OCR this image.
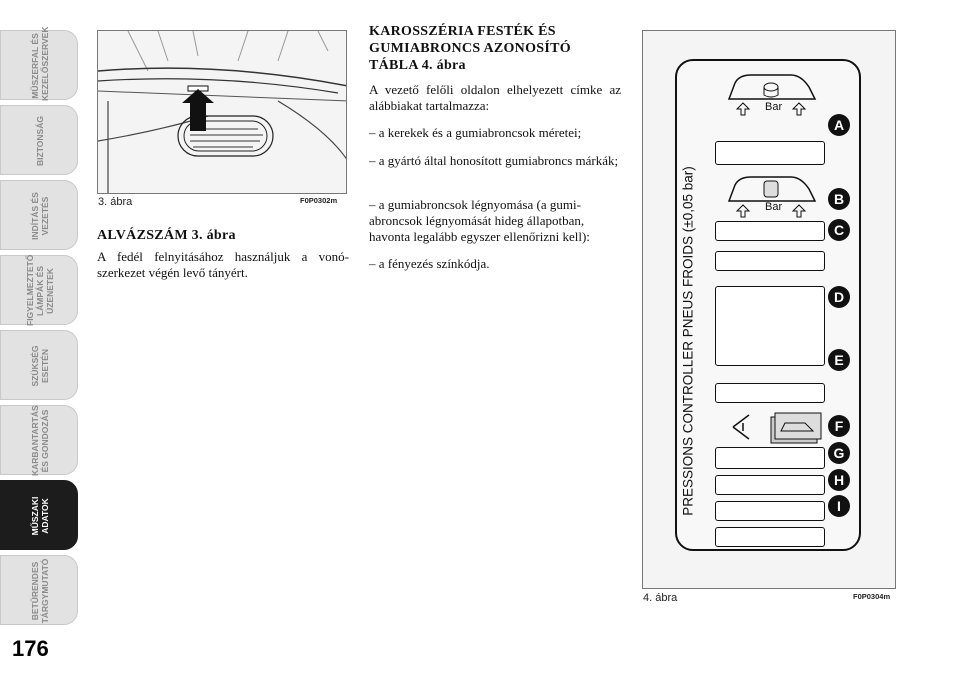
MŰSZERFAL ÉS
KEZELŐSZERVEK
BIZTONSÁG
INDÍTÁS ÉS
VEZETÉS
FIGYELMEZTETŐ
LÁMPÁK ÉS
ÜZENETEK
SZÜKSÉG
ESETÉN
KARBANTARTÁS
ÉS GONDOZÁS
MŰSZAKI
ADATOK
BETŰRENDES
TÁRGYMUTATÓ
176
3. ábra	F0P0302m
ALVÁZSZÁM 3. ábra
A fedél felnyitásához használjuk a vonó-szerkezet végén levő tányért.
KAROSSZÉRIA FESTÉK ÉS
GUMIABRONCS AZONOSÍTÓ
TÁBLA 4. ábra
A vezető felőli oldalon elhelyezett címke az alábbiakat tartalmazza:
– a kerekek és a gumiabroncsok méretei;
– a gyártó által honosított gumiabroncs márkák;
– a gumiabroncsok légnyomása (a gumi-abroncsok légnyomását hideg állapotban, havonta legalább egyszer ellenőrizni kell):
– a fényezés színkódja.
Bar
Bar
PRESSIONS CONTROLLER PNEUS FROIDS (±0,05 bar)
A
B
C
D
E
F
G
H
I
4. ábra	F0P0304m
